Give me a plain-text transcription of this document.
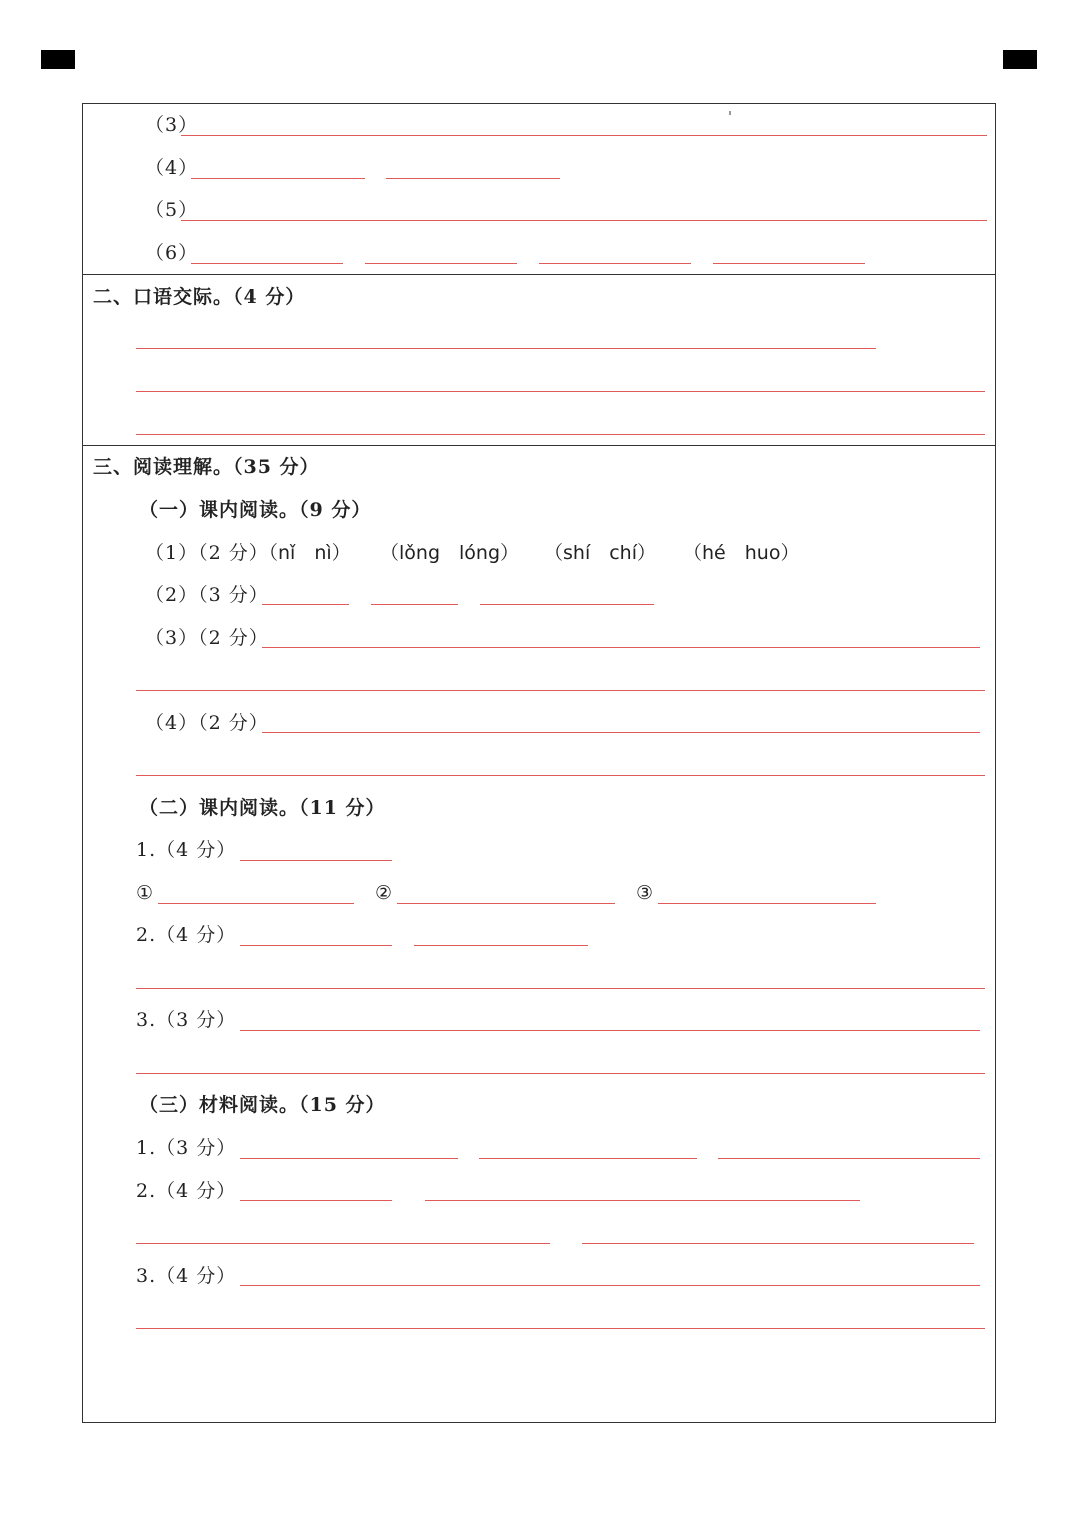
（3）
（4）
（5）
（6）
二、口语交际。（4 分）
三、阅读理解。（35 分）
（一）课内阅读。（9 分）
（1）（2 分）
（nǐ　nì） （lǒng　lóng） （shí　chí） （hé　huo）
（2）（3 分）
（3）（2 分）
（4）（2 分）
（二）课内阅读。（11 分）
1.（4 分）
①	②	③
2.（4 分）
3.（3 分）
（三）材料阅读。（15 分）
1.（3 分）
2.（4 分）
3.（4 分）
